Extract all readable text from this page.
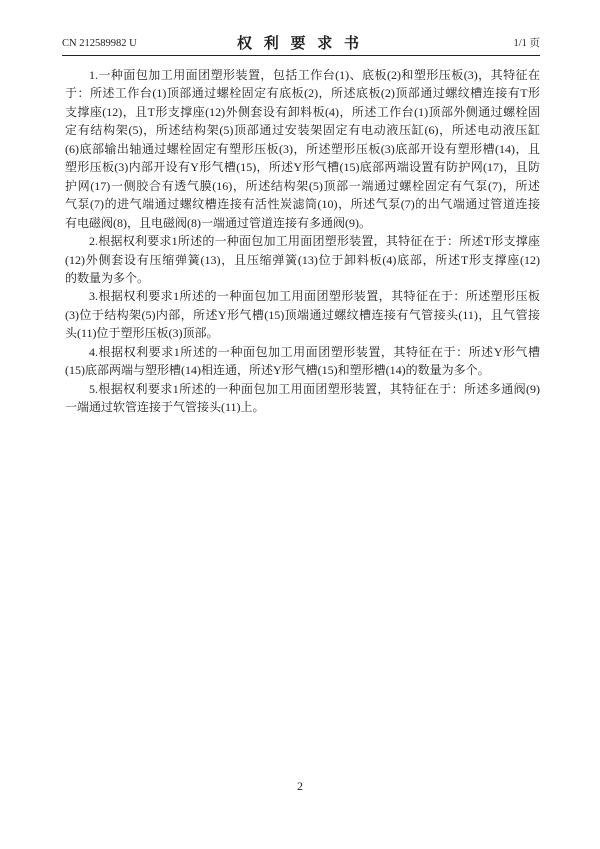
CN 212589982 U	权 利 要 求 书	1/1 页
1.一种面包加工用面团塑形装置，包括工作台(1)、底板(2)和塑形压板(3)，其特征在
于：所述工作台(1)顶部通过螺栓固定有底板(2)，所述底板(2)顶部通过螺纹槽连接有T形
支撑座(12)，且T形支撑座(12)外侧套设有卸料板(4)，所述工作台(1)顶部外侧通过螺栓固
定有结构架(5)，所述结构架(5)顶部通过安装架固定有电动液压缸(6)，所述电动液压缸
(6)底部输出轴通过螺栓固定有塑形压板(3)，所述塑形压板(3)底部开设有塑形槽(14)，且
塑形压板(3)内部开设有Y形气槽(15)，所述Y形气槽(15)底部两端设置有防护网(17)，且防
护网(17)一侧胶合有透气膜(16)，所述结构架(5)顶部一端通过螺栓固定有气泵(7)，所述
气泵(7)的进气端通过螺纹槽连接有活性炭滤筒(10)，所述气泵(7)的出气端通过管道连接
有电磁阀(8)，且电磁阀(8)一端通过管道连接有多通阀(9)。
2.根据权利要求1所述的一种面包加工用面团塑形装置，其特征在于：所述T形支撑座
(12)外侧套设有压缩弹簧(13)，且压缩弹簧(13)位于卸料板(4)底部，所述T形支撑座(12)
的数量为多个。
3.根据权利要求1所述的一种面包加工用面团塑形装置，其特征在于：所述塑形压板
(3)位于结构架(5)内部，所述Y形气槽(15)顶端通过螺纹槽连接有气管接头(11)，且气管接
头(11)位于塑形压板(3)顶部。
4.根据权利要求1所述的一种面包加工用面团塑形装置，其特征在于：所述Y形气槽
(15)底部两端与塑形槽(14)相连通，所述Y形气槽(15)和塑形槽(14)的数量为多个。
5.根据权利要求1所述的一种面包加工用面团塑形装置，其特征在于：所述多通阀(9)
一端通过软管连接于气管接头(11)上。
2
